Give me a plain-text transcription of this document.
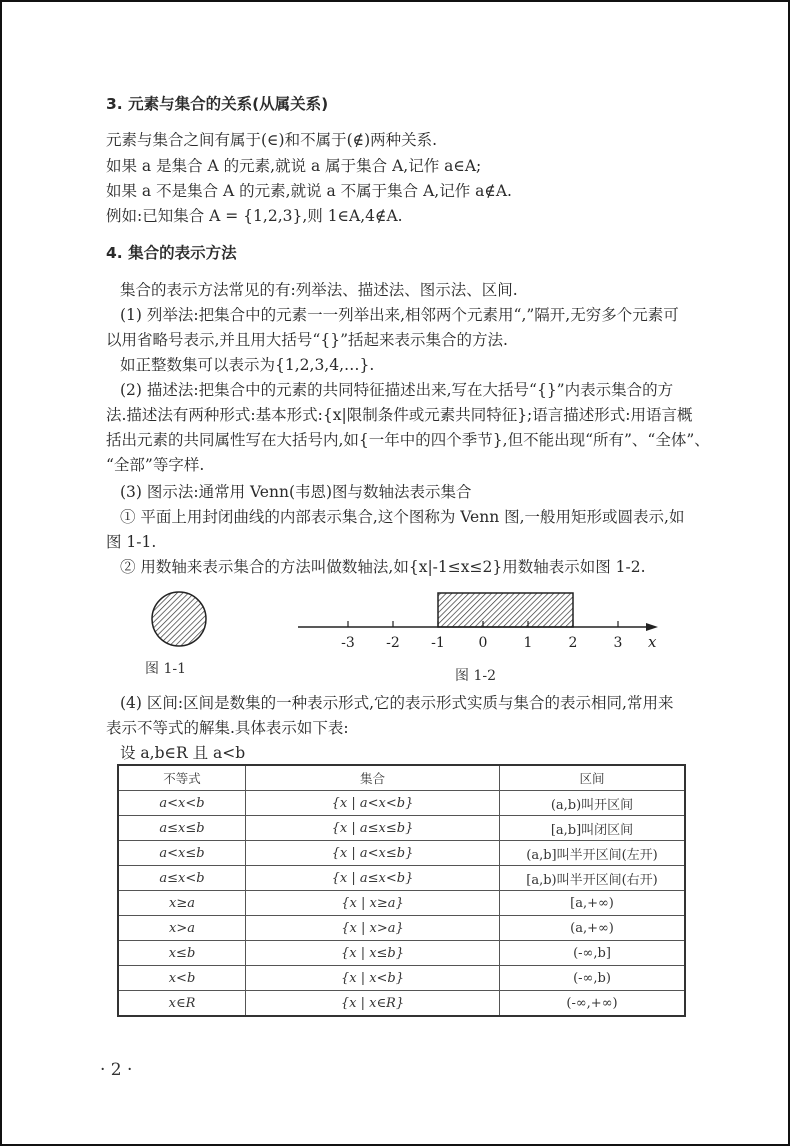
3. 元素与集合的关系(从属关系)
元素与集合之间有属于(∈)和不属于(∉)两种关系.
如果 a 是集合 A 的元素,就说 a 属于集合 A,记作 a∈A;
如果 a 不是集合 A 的元素,就说 a 不属于集合 A,记作 a∉A.
例如:已知集合 A = {1,2,3},则 1∈A,4∉A.
4. 集合的表示方法
集合的表示方法常见的有:列举法、描述法、图示法、区间.
(1) 列举法:把集合中的元素一一列举出来,相邻两个元素用“,”隔开,无穷多个元素可
以用省略号表示,并且用大括号“{}”括起来表示集合的方法.
如正整数集可以表示为{1,2,3,4,…}.
(2) 描述法:把集合中的元素的共同特征描述出来,写在大括号“{}”内表示集合的方
法.描述法有两种形式:基本形式:{x|限制条件或元素共同特征};语言描述形式:用语言概
括出元素的共同属性写在大括号内,如{一年中的四个季节},但不能出现“所有”、“全体”、
“全部”等字样.
(3) 图示法:通常用 Venn(韦恩)图与数轴法表示集合
① 平面上用封闭曲线的内部表示集合,这个图称为 Venn 图,一般用矩形或圆表示,如
图 1-1.
② 用数轴来表示集合的方法叫做数轴法,如{x|-1≤x≤2}用数轴表示如图 1-2.
图 1-1
-3 -2 -1 0	1	2	3 x
图 1-2
(4) 区间:区间是数集的一种表示形式,它的表示形式实质与集合的表示相同,常用来
表示不等式的解集.具体表示如下表:
设 a,b∈R 且 a<b
不等式	集合	区间
a<x<b	{x | a<x<b}	(a,b)叫开区间
a≤x≤b	{x | a≤x≤b}	[a,b]叫闭区间
a<x≤b	{x | a<x≤b}	(a,b]叫半开区间(左开)
a≤x<b	{x | a≤x<b}	[a,b)叫半开区间(右开)
x≥a	{x | x≥a}	[a,+∞)
x>a	{x | x>a}	(a,+∞)
x≤b	{x | x≤b}	(-∞,b]
x<b	{x | x<b}	(-∞,b)
x∈R	{x | x∈R}	(-∞,+∞)
· 2 ·
